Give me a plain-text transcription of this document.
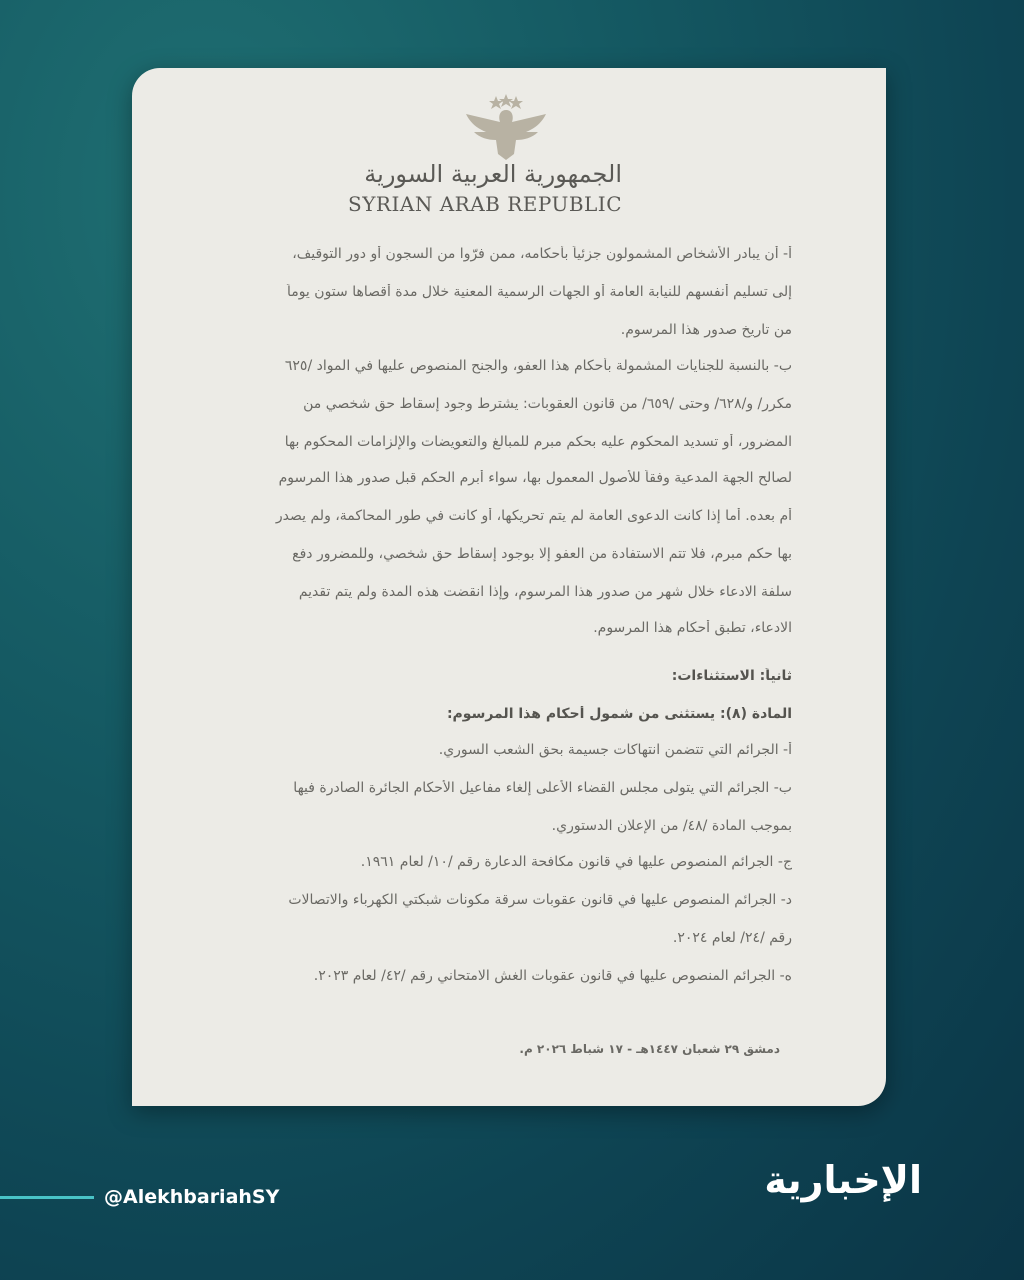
الجمهورية العربية السورية
SYRIAN ARAB REPUBLIC
أ- أن يبادر الأشخاص المشمولون جزئياً بأحكامه، ممن فرّوا من السجون أو دور التوقيف،
إلى تسليم أنفسهم للنيابة العامة أو الجهات الرسمية المعنية خلال مدة أقصاها ستون يوماً
من تاريخ صدور هذا المرسوم.
ب- بالنسبة للجنايات المشمولة بأحكام هذا العفو، والجنح المنصوص عليها في المواد /٦٢٥
مكرر/ و/٦٢٨/ وحتى /٦٥٩/ من قانون العقوبات: يشترط وجود إسقاط حق شخصي من
المضرور، أو تسديد المحكوم عليه بحكم مبرم للمبالغ والتعويضات والإلزامات المحكوم بها
لصالح الجهة المدعية وفقاً للأصول المعمول بها، سواء أبرم الحكم قبل صدور هذا المرسوم
أم بعده. أما إذا كانت الدعوى العامة لم يتم تحريكها، أو كانت في طور المحاكمة، ولم يصدر
بها حكم مبرم، فلا تتم الاستفادة من العفو إلا بوجود إسقاط حق شخصي، وللمضرور دفع
سلفة الادعاء خلال شهر من صدور هذا المرسوم، وإذا انقضت هذه المدة ولم يتم تقديم
الادعاء، تطبق أحكام هذا المرسوم.
ثانياً: الاستثناءات:
المادة (٨): يستثنى من شمول أحكام هذا المرسوم:
أ- الجرائم التي تتضمن انتهاكات جسيمة بحق الشعب السوري.
ب- الجرائم التي يتولى مجلس القضاء الأعلى إلغاء مفاعيل الأحكام الجائرة الصادرة فيها
بموجب المادة /٤٨/ من الإعلان الدستوري.
ج- الجرائم المنصوص عليها في قانون مكافحة الدعارة رقم /١٠/ لعام ١٩٦١.
د- الجرائم المنصوص عليها في قانون عقوبات سرقة مكونات شبكتي الكهرباء والاتصالات
رقم /٢٤/ لعام ٢٠٢٤.
ه- الجرائم المنصوص عليها في قانون عقوبات الغش الامتحاني رقم /٤٢/ لعام ٢٠٢٣.
دمشق ٢٩ شعبان ١٤٤٧هـ - ١٧ شباط ٢٠٢٦ م.
@AlekhbariahSY	الإخبارية
